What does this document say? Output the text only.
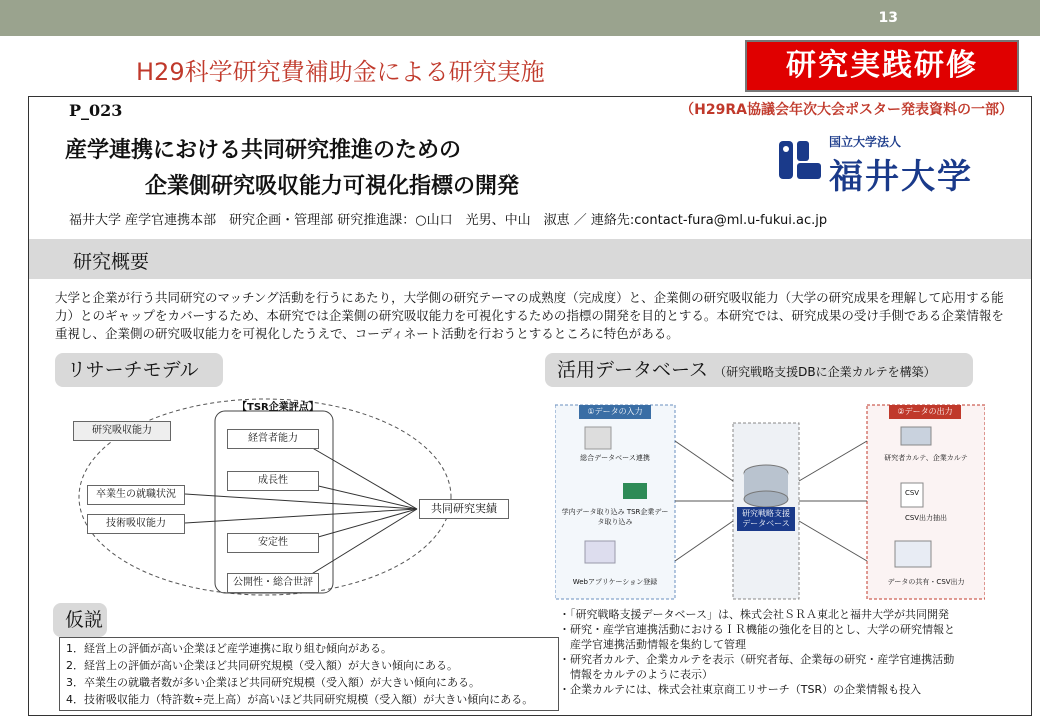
13
H29科学研究費補助金による研究実施	研究実践研修
P_023	（H29RA協議会年次大会ポスター発表資料の一部）
産学連携における共同研究推進のための
企業側研究吸収能力可視化指標の開発
国立大学法人
福井大学
福井大学 産学官連携本部　研究企画・管理部 研究推進課：○山口　光男、中山　淑恵 ／ 連絡先:contact-fura@ml.u-fukui.ac.jp
研究概要
大学と企業が行う共同研究のマッチング活動を行うにあたり，大学側の研究テーマの成熟度（完成度）と、企業側の研究吸収能力（大学の研究成果を理解して応用する能力）とのギャップをカバーするため、本研究では企業側の研究吸収能力を可視化するための指標の開発を目的とする。本研究では、研究成果の受け手側である企業情報を重視し、企業側の研究吸収能力を可視化したうえで、コーディネート活動を行おうとするところに特色がある。
リサーチモデル	活用データベース （研究戦略支援DBに企業カルテを構築）
研究吸収能力
【TSR企業評点】
経営者能力
成長性
安定性
公開性・総合世評
卒業生の就職状況
技術吸収能力
共同研究実績
仮説
1．経営上の評価が高い企業ほど産学連携に取り組む傾向がある。
2．経営上の評価が高い企業ほど共同研究規模（受入額）が大きい傾向にある。
3．卒業生の就職者数が多い企業ほど共同研究規模（受入額）が大きい傾向にある。
4．技術吸収能力（特許数÷売上高）が高いほど共同研究規模（受入額）が大きい傾向にある。
①データの入力	②データの出力
総合データベース連携
学内データ取り込み TSR企業データ取り込み
Webアプリケーション登録
研究戦略支援 データベース
研究者カルテ、企業カルテ
CSV
CSV出力抽出
データの共有・CSV出力
・「研究戦略支援データベース」は、株式会社ＳＲＡ東北と福井大学が共同開発
・研究・産学官連携活動におけるＩＲ機能の強化を目的とし、大学の研究情報と
　産学官連携活動情報を集約して管理
・研究者カルテ、企業カルテを表示（研究者毎、企業毎の研究・産学官連携活動
　情報をカルテのように表示）
・企業カルテには、株式会社東京商工リサーチ（TSR）の企業情報も投入
